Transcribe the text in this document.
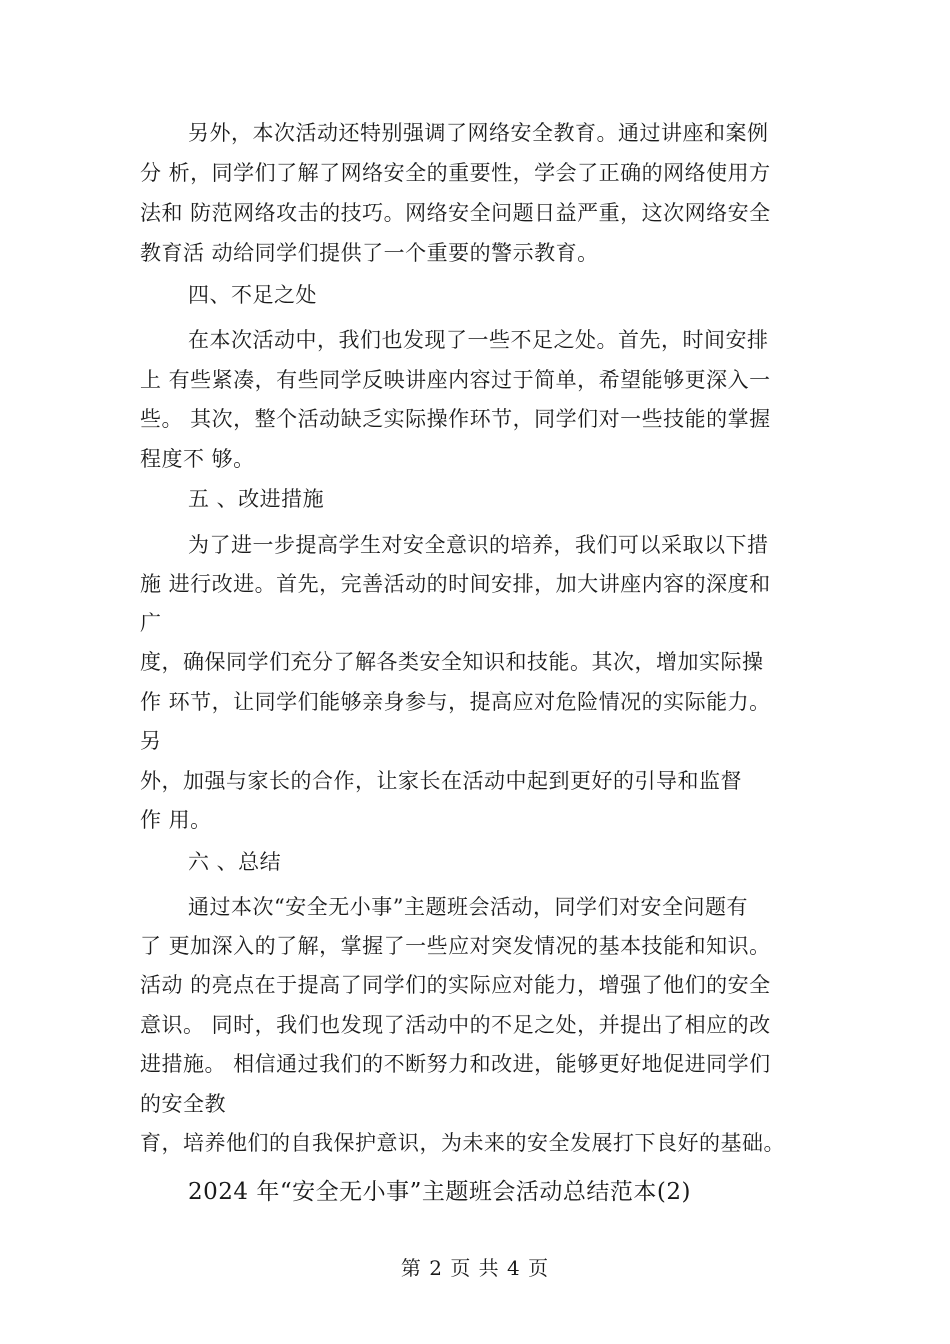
另外，本次活动还特别强调了网络安全教育。通过讲座和案例
分 析，同学们了解了网络安全的重要性，学会了正确的网络使用方
法和 防范网络攻击的技巧。网络安全问题日益严重，这次网络安全
教育活 动给同学们提供了一个重要的警示教育。
四、不足之处
在本次活动中，我们也发现了一些不足之处。首先，时间安排
上 有些紧凑，有些同学反映讲座内容过于简单，希望能够更深入一
些。 其次，整个活动缺乏实际操作环节，同学们对一些技能的掌握
程度不 够。
五 、改进措施
为了进一步提高学生对安全意识的培养，我们可以采取以下措
施 进行改进。首先，完善活动的时间安排，加大讲座内容的深度和
广
度，确保同学们充分了解各类安全知识和技能。其次，增加实际操
作 环节，让同学们能够亲身参与，提高应对危险情况的实际能力。
另
外，加强与家长的合作，让家长在活动中起到更好的引导和监督
作 用。
六 、总结
通过本次“安全无小事”主题班会活动，同学们对安全问题有
了 更加深入的了解，掌握了一些应对突发情况的基本技能和知识。
活动 的亮点在于提高了同学们的实际应对能力，增强了他们的安全
意识。 同时，我们也发现了活动中的不足之处，并提出了相应的改
进措施。 相信通过我们的不断努力和改进，能够更好地促进同学们
的安全教
育，培养他们的自我保护意识，为未来的安全发展打下良好的基础。
2024 年“安全无小事”主题班会活动总结范本(2)
第 2 页 共 4 页
